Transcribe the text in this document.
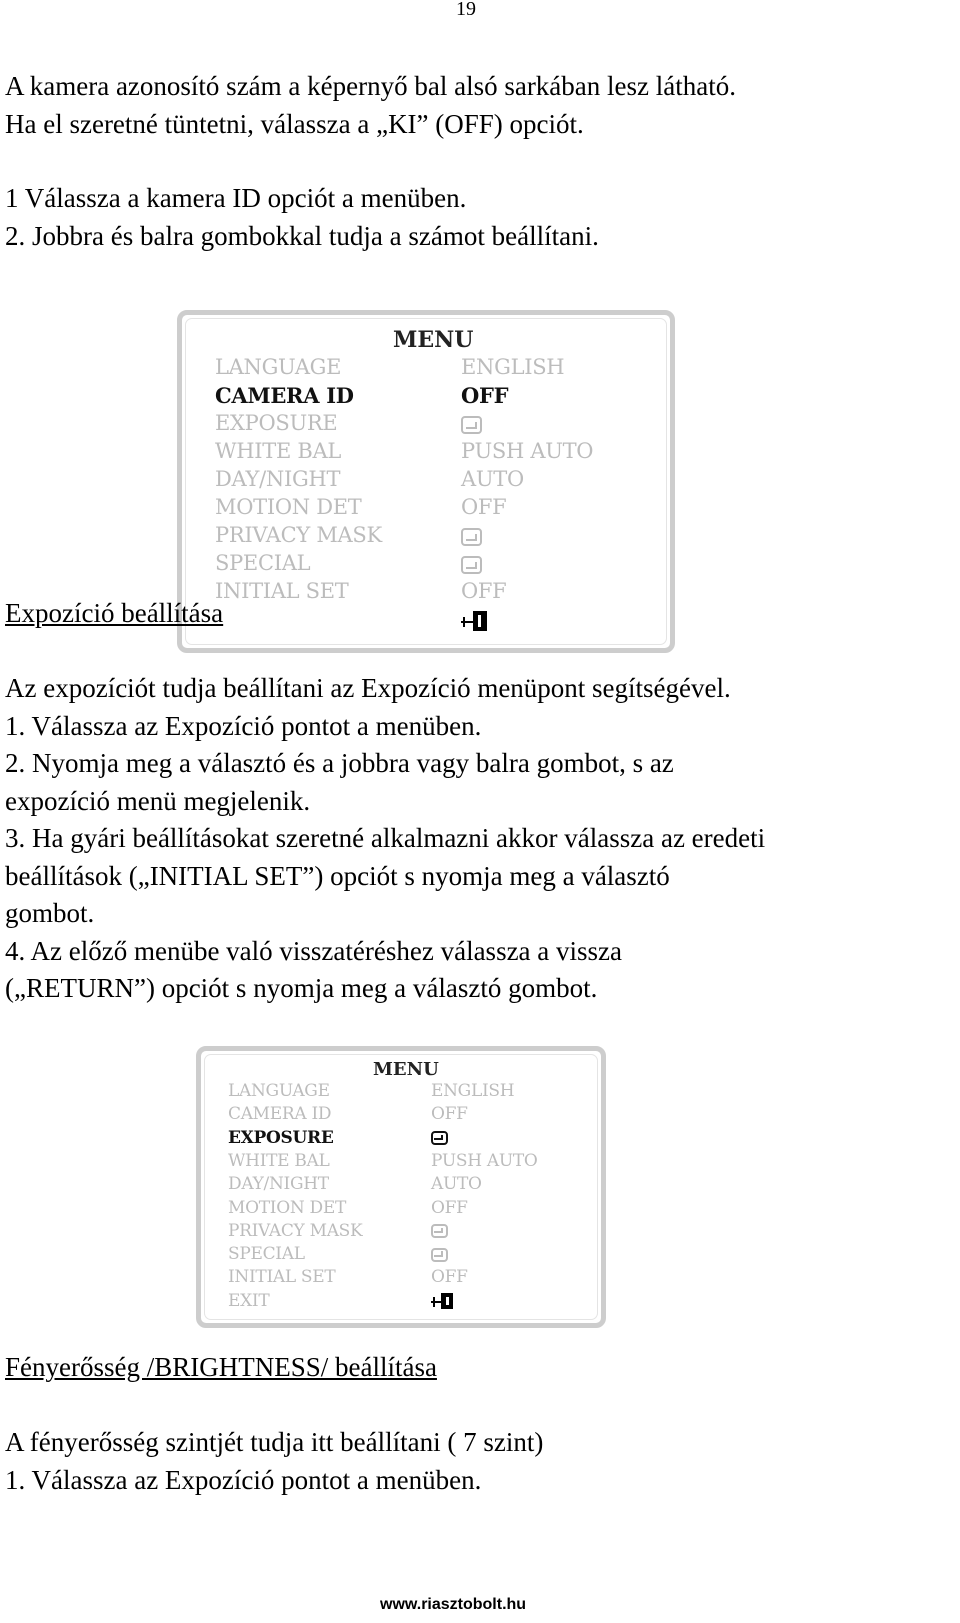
19
A kamera azonosító szám a képernyő bal alsó sarkában lesz látható.
Ha el szeretné tüntetni, válassza a „KI” (OFF) opciót.
1 Válassza a kamera ID opciót a menüben.
2. Jobbra és balra gombokkal tudja a számot beállítani.
MENU
LANGUAGE	ENGLISH
CAMERA ID	OFF
EXPOSURE
WHITE BAL	PUSH AUTO
DAY/NIGHT	AUTO
MOTION DET	OFF
PRIVACY MASK
SPECIAL
INITIAL SET	OFF
Expozíció beállítása
Az expozíciót tudja beállítani az Expozíció menüpont segítségével.
1. Válassza az Expozíció pontot a menüben.
2. Nyomja meg a választó és a jobbra vagy balra gombot, s az
expozíció menü megjelenik.
3. Ha gyári beállításokat szeretné alkalmazni akkor válassza az eredeti
beállítások („INITIAL SET”) opciót s nyomja meg a választó
gombot.
4. Az előző menübe való visszatéréshez válassza a vissza
(„RETURN”) opciót s nyomja meg a választó gombot.
MENU
LANGUAGE	ENGLISH
CAMERA ID	OFF
EXPOSURE
WHITE BAL	PUSH AUTO
DAY/NIGHT	AUTO
MOTION DET	OFF
PRIVACY MASK
SPECIAL
INITIAL SET	OFF
EXIT
Fényerősség /BRIGHTNESS/ beállítása
A fényerősség szintjét tudja itt beállítani ( 7 szint)
1. Válassza az Expozíció pontot a menüben.
www.riasztobolt.hu
